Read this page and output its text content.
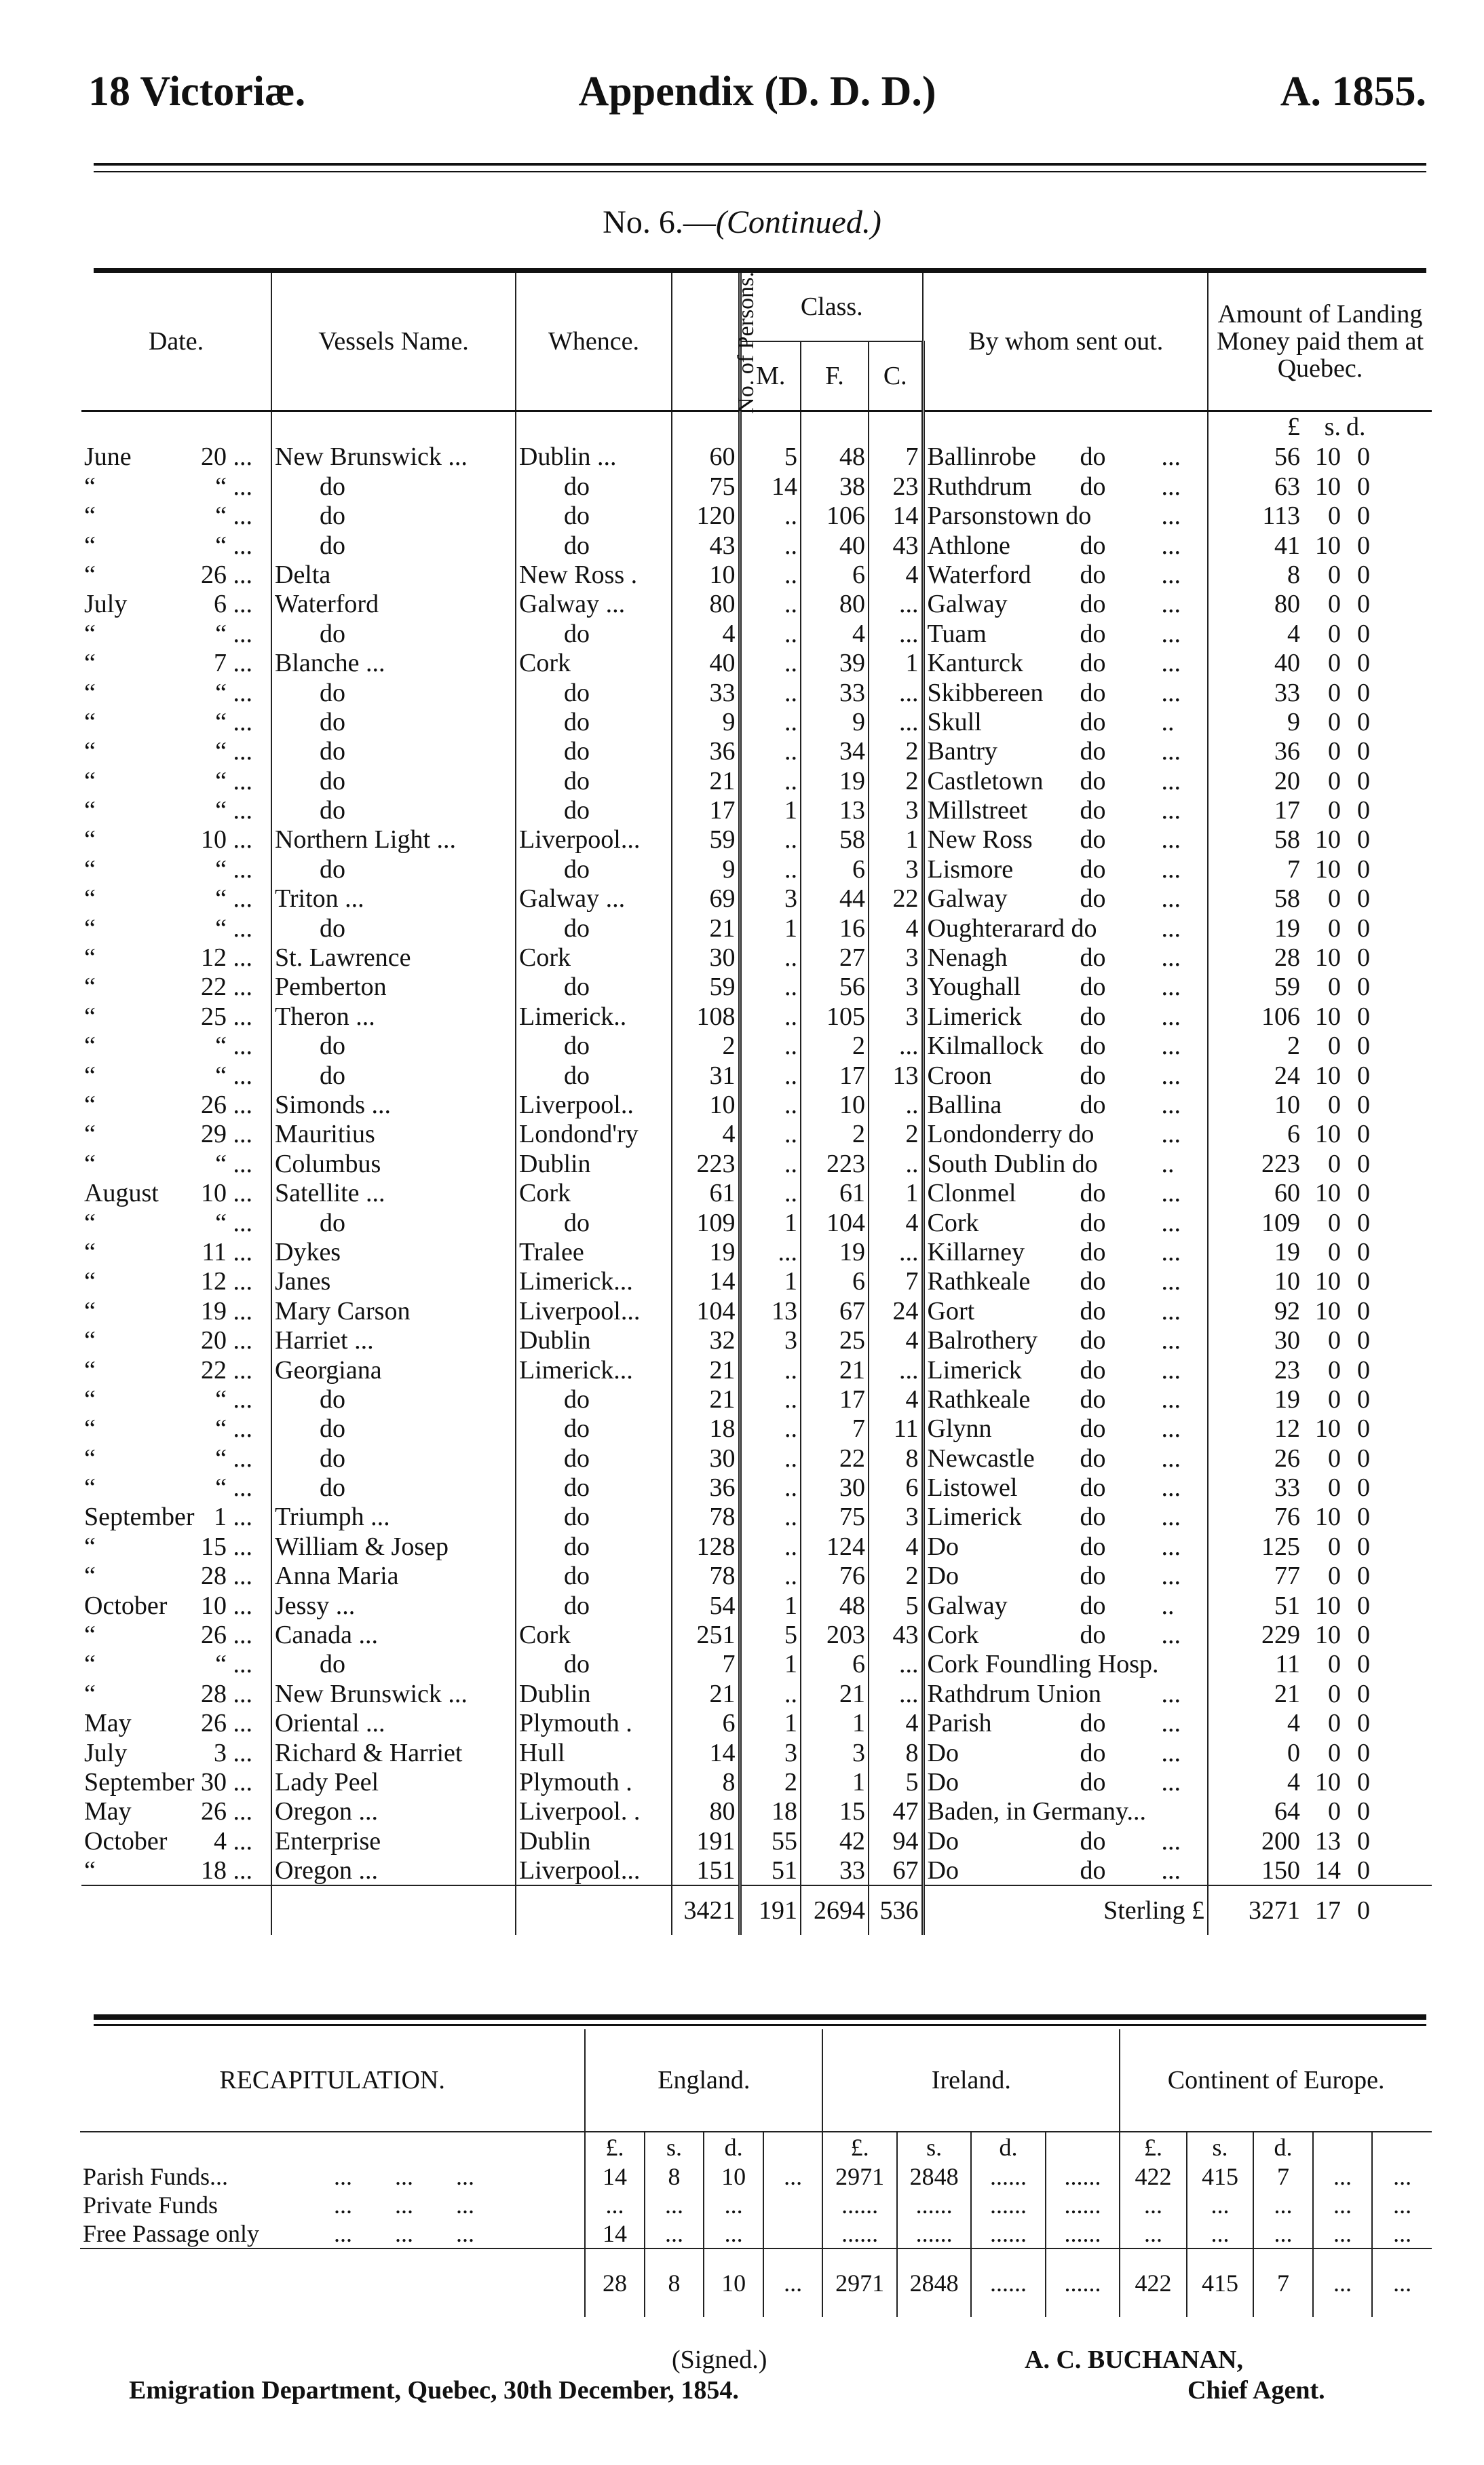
18 Victoriæ.	Appendix (D. D. D.)	A. 1855.
No. 6.—(Continued.)
Date.	Vessels Name.	Whence.	No. of Persons.	Class.			By whom sent out.	Amount of Landing Money paid them at Quebec.		
				M.	F.	C.				
								£	s.	d.
June 20 ...	New Brunswick ...	Dublin ...	60	5	48	7	Ballinrobe do ...	56	10	0
“ “ ...	do	do	75	14	38	23	Ruthdrum do ...	63	10	0
“ “ ...	do	do	120	..	106	14	Parsonstown do ...	113	0	0
“ “ ...	do	do	43	..	40	43	Athlone do ...	41	10	0
“ 26 ...	Delta	New Ross .	10	..	6	4	Waterford do ...	8	0	0
July 6 ...	Waterford	Galway ...	80	..	80	...	Galway do ...	80	0	0
“ “ ...	do	do	4	..	4	...	Tuam do ...	4	0	0
“ 7 ...	Blanche ...	Cork	40	..	39	1	Kanturck do ...	40	0	0
“ “ ...	do	do	33	..	33	...	Skibbereen do ...	33	0	0
“ “ ...	do	do	9	..	9	...	Skull do ..	9	0	0
“ “ ...	do	do	36	..	34	2	Bantry do ...	36	0	0
“ “ ...	do	do	21	..	19	2	Castletown do ...	20	0	0
“ “ ...	do	do	17	1	13	3	Millstreet do ...	17	0	0
“ 10 ...	Northern Light ...	Liverpool...	59	..	58	1	New Ross do ...	58	10	0
“ “ ...	do	do	9	..	6	3	Lismore do ...	7	10	0
“ “ ...	Triton ...	Galway ...	69	3	44	22	Galway do ...	58	0	0
“ “ ...	do	do	21	1	16	4	Oughterarard do ...	19	0	0
“ 12 ...	St. Lawrence	Cork	30	..	27	3	Nenagh do ...	28	10	0
“ 22 ...	Pemberton	do	59	..	56	3	Youghall do ...	59	0	0
“ 25 ...	Theron ...	Limerick..	108	..	105	3	Limerick do ...	106	10	0
“ “ ...	do	do	2	..	2	...	Kilmallock do ...	2	0	0
“ “ ...	do	do	31	..	17	13	Croon do ...	24	10	0
“ 26 ...	Simonds ...	Liverpool..	10	..	10	..	Ballina do ...	10	0	0
“ 29 ...	Mauritius	Londond'ry	4	..	2	2	Londonderry do ...	6	10	0
“ “ ...	Columbus	Dublin	223	..	223	..	South Dublin do ..	223	0	0
August 10 ...	Satellite ...	Cork	61	..	61	1	Clonmel do ...	60	10	0
“ “ ...	do	do	109	1	104	4	Cork do ...	109	0	0
“ 11 ...	Dykes	Tralee	19	...	19	...	Killarney do ...	19	0	0
“ 12 ...	Janes	Limerick...	14	1	6	7	Rathkeale do ...	10	10	0
“ 19 ...	Mary Carson	Liverpool...	104	13	67	24	Gort do ...	92	10	0
“ 20 ...	Harriet ...	Dublin	32	3	25	4	Balrothery do ...	30	0	0
“ 22 ...	Georgiana	Limerick...	21	..	21	...	Limerick do ...	23	0	0
“ “ ...	do	do	21	..	17	4	Rathkeale do ...	19	0	0
“ “ ...	do	do	18	..	7	11	Glynn do ...	12	10	0
“ “ ...	do	do	30	..	22	8	Newcastle do ...	26	0	0
“ “ ...	do	do	36	..	30	6	Listowel do ...	33	0	0
September 1 ...	Triumph ...	do	78	..	75	3	Limerick do ...	76	10	0
“ 15 ...	William & Josep	do	128	..	124	4	Do do ...	125	0	0
“ 28 ...	Anna Maria	do	78	..	76	2	Do do ...	77	0	0
October 10 ...	Jessy ...	do	54	1	48	5	Galway do ..	51	10	0
“ 26 ...	Canada ...	Cork	251	5	203	43	Cork do ...	229	10	0
“ “ ...	do	do	7	1	6	...	Cork Foundling Hosp.	11	0	0
“ 28 ...	New Brunswick ...	Dublin	21	..	21	...	Rathdrum Union ...	21	0	0
May 26 ...	Oriental ...	Plymouth .	6	1	1	4	Parish do ...	4	0	0
July 3 ...	Richard & Harriet	Hull	14	3	3	8	Do do ...	0	0	0
September 30 ...	Lady Peel	Plymouth .	8	2	1	5	Do do ...	4	10	0
May 26 ...	Oregon ...	Liverpool. .	80	18	15	47	Baden, in Germany...	64	0	0
October 4 ...	Enterprise	Dublin	191	55	42	94	Do do ...	200	13	0
“ 18 ...	Oregon ...	Liverpool...	151	51	33	67	Do do ...	150	14	0
			3421	191	2694	536	Sterling £	3271	17	0
RECAPITULATION.	England.				Ireland.				Continent of Europe.				
	£.	s.	d.		£.	s.	d.		£.	s.	d.		
Parish Funds... ...       ...       ...	14	8	10	...	2971	2848	......	......	422	415	7	...	...
Private Funds ...       ...       ...	...	...	...		......	......	......	......	...	...	...	...	...
Free Passage only ...       ...       ...	14	...	...		......	......	......	......	...	...	...	...	...
	28	8	10	...	2971	2848	......	......	422	415	7	...	...
(Signed.)
Emigration Department, Quebec, 30th December, 1854.
A. C. BUCHANAN,
Chief Agent.
